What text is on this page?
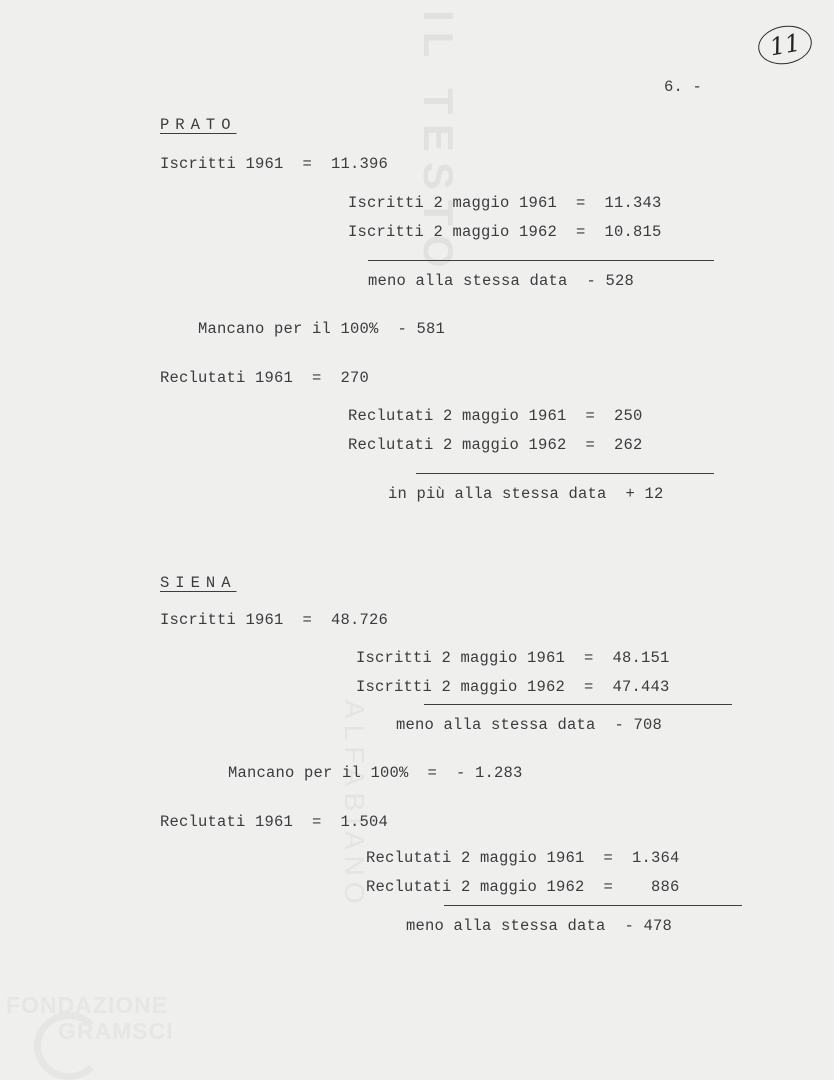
IL TESTO
ALFABIANO
FONDAZIONE
GRAMSCI
11
6. -
PRATO
Iscritti 1961  =  11.396
Iscritti 2 maggio 1961  =  11.343
Iscritti 2 maggio 1962  =  10.815
meno alla stessa data  - 528
Mancano per il 100%  - 581
Reclutati 1961  =  270
Reclutati 2 maggio 1961  =  250
Reclutati 2 maggio 1962  =  262
in più alla stessa data  + 12
SIENA
Iscritti 1961  =  48.726
Iscritti 2 maggio 1961  =  48.151
Iscritti 2 maggio 1962  =  47.443
meno alla stessa data  - 708
Mancano per il 100%  =  - 1.283
Reclutati 1961  =  1.504
Reclutati 2 maggio 1961  =  1.364
Reclutati 2 maggio 1962  =    886
meno alla stessa data  - 478
